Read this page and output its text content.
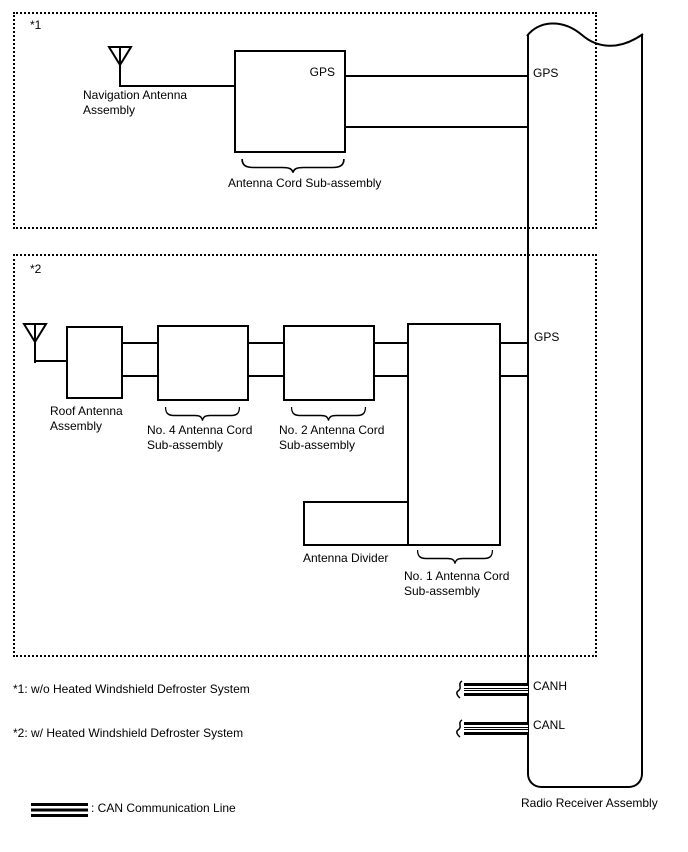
*1
Navigation Antenna
Assembly
GPS	GPS
Antenna Cord Sub-assembly
*2
GPS
Roof Antenna
Assembly	No. 4 Antenna Cord
Sub-assembly
No. 2 Antenna Cord
Sub-assembly
Antenna Divider
No. 1 Antenna Cord
Sub-assembly
*1: w/o Heated Windshield Defroster System
*2: w/ Heated Windshield Defroster System
CANH
CANL
Radio Receiver Assembly
: CAN Communication Line
